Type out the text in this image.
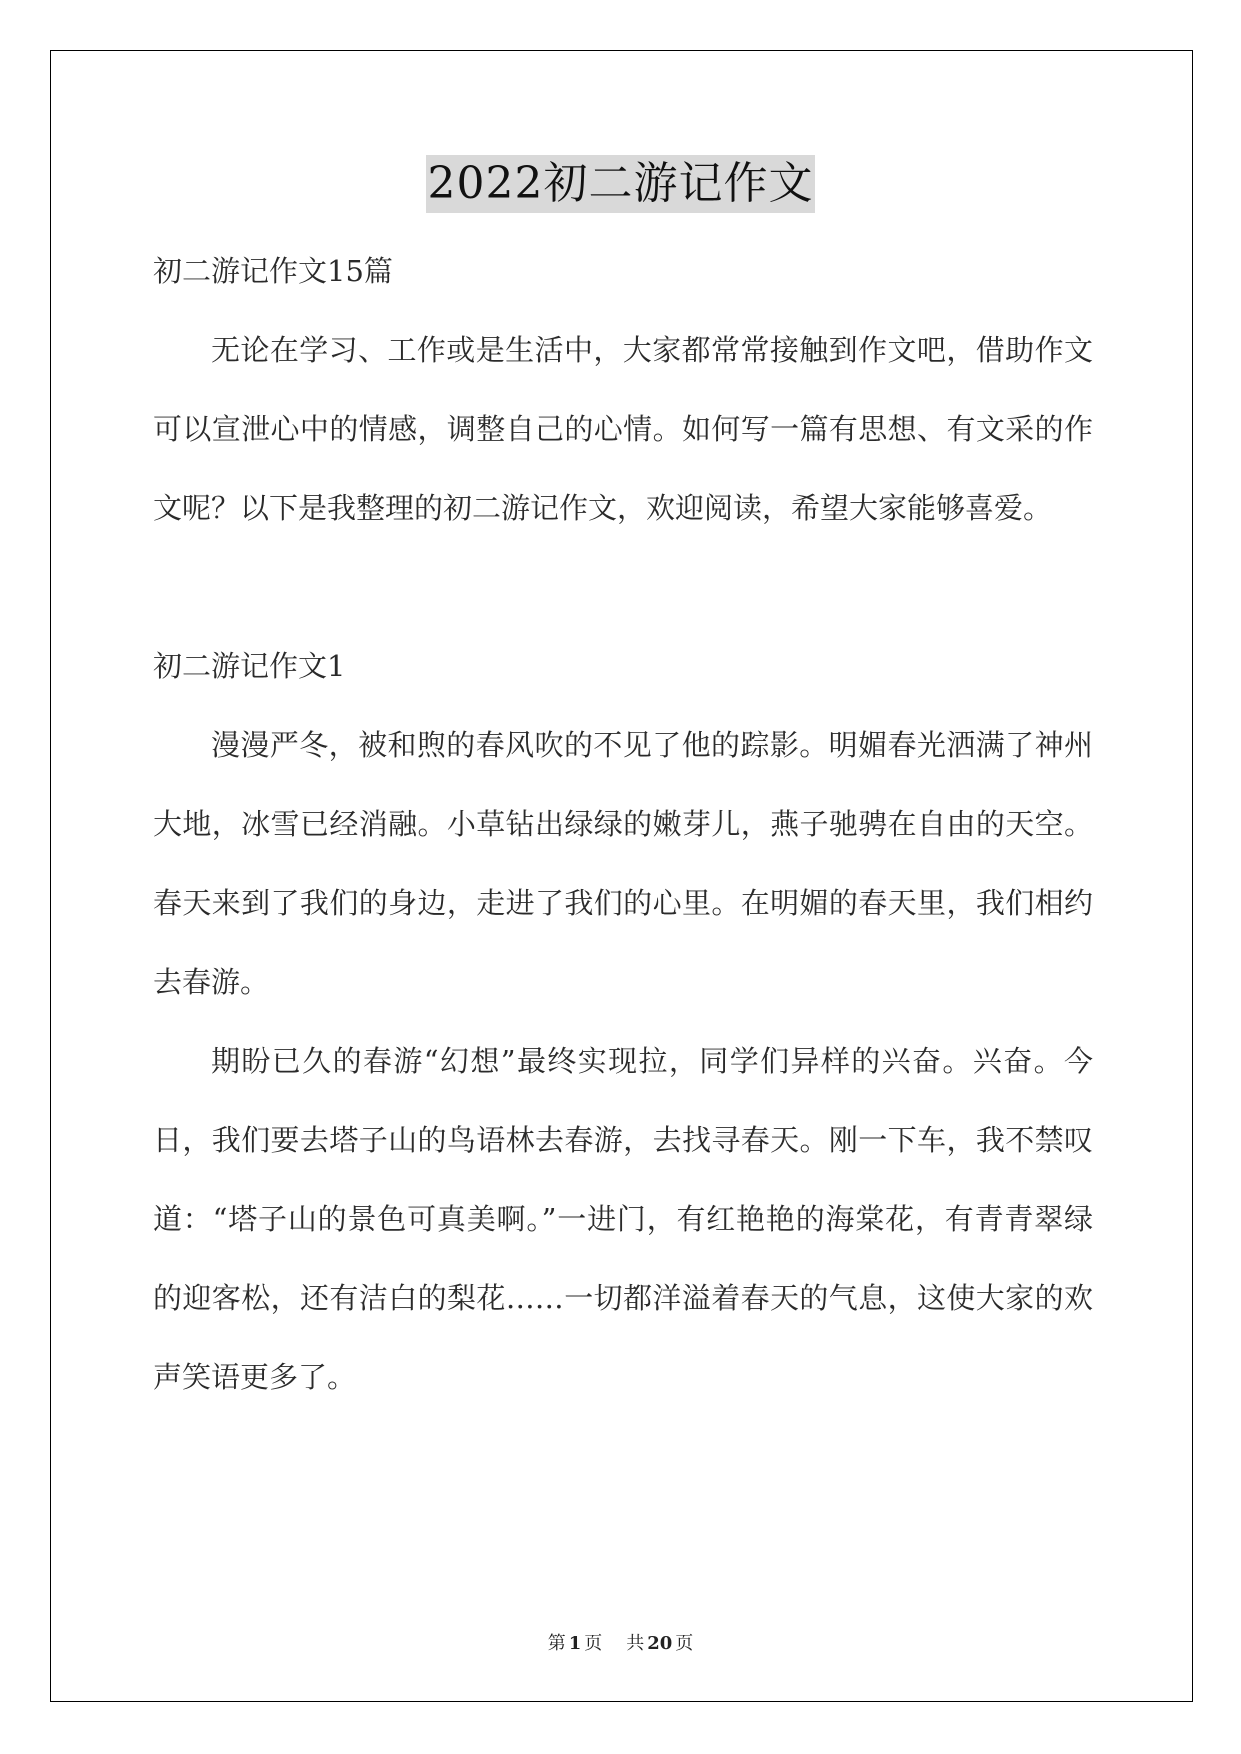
2022初二游记作文

初二游记作文15篇

无论在学习、工作或是生活中，大家都常常接触到作文吧，借助作文可以宣泄心中的情感，调整自己的心情。如何写一篇有思想、有文采的作文呢？以下是我整理的初二游记作文，欢迎阅读，希望大家能够喜爱。

初二游记作文1

漫漫严冬，被和煦的春风吹的不见了他的踪影。明媚春光洒满了神州大地，冰雪已经消融。小草钻出绿绿的嫩芽儿，燕子驰骋在自由的天空。春天来到了我们的身边，走进了我们的心里。在明媚的春天里，我们相约去春游。

期盼已久的春游“幻想”最终实现拉，同学们异样的兴奋。兴奋。今日，我们要去塔子山的鸟语林去春游，去找寻春天。刚一下车，我不禁叹道：“塔子山的景色可真美啊。”一进门，有红艳艳的海棠花，有青青翠绿的迎客松，还有洁白的梨花……一切都洋溢着春天的气息，这使大家的欢声笑语更多了。

第 1 页 共 20 页
